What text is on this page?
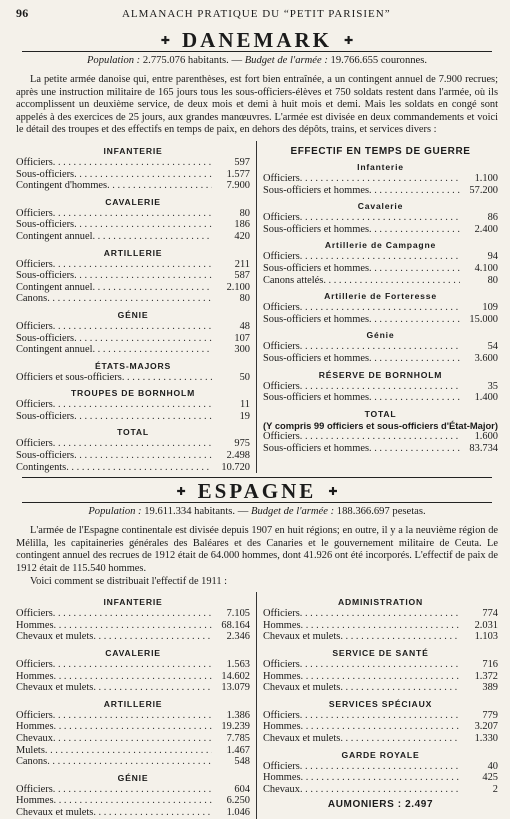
96	ALMANACH PRATIQUE DU “PETIT PARISIEN”
✚ DANEMARK ✚
Population : 2.775.076 habitants. — Budget de l'armée : 19.766.655 couronnes.
La petite armée danoise qui, entre parenthèses, est fort bien entraînée, a un contingent annuel de 7.900 recrues; après une instruction militaire de 165 jours tous les sous-officiers-élèves et 750 soldats restent dans l'armée, où ils accomplissent un deuxième service, de deux mois et demi à huit mois et demi. Mais les soldats en congé sont appelés à des exercices de 25 jours, aux grandes manœuvres. L'armée est divisée en deux commandements et voici le détail des troupes et des effectifs en temps de paix, en dehors des dépôts, trains, et services divers :
INFANTERIE
Officiers . . .	597
Sous-officiers . . .	1.577
Contingent d'hommes . . .	7.900
CAVALERIE
Officiers . . .	80
Sous-officiers . . .	186
Contingent annuel . . .	420
ARTILLERIE
Officiers . . .	211
Sous-officiers . . .	587
Contingent annuel . . .	2.100
Canons . . .	80
GÉNIE
Officiers . . .	48
Sous-officiers . . .	107
Contingent annuel . . .	300
ÉTATS-MAJORS
Officiers et sous-officiers . . .	50
TROUPES DE BORNHOLM
Officiers . . .	11
Sous-officiers . . .	19
TOTAL
Officiers . . .	975
Sous-officiers . . .	2.498
Contingents . . .	10.720
EFFECTIF EN TEMPS DE GUERRE
Infanterie
Officiers . . .	1.100
Sous-officiers et hommes . . .	57.200
Cavalerie
Officiers . . .	86
Sous-officiers et hommes . . .	2.400
Artillerie de Campagne
Officiers . . .	94
Sous-officiers et hommes . . .	4.100
Canons attelés . . .	80
Artillerie de Forteresse
Officiers . . .	109
Sous-officiers et hommes . . .	15.000
Génie
Officiers . . .	54
Sous-officiers et hommes . . .	3.600
RÉSERVE DE BORNHOLM
Officiers . . .	35
Sous-officiers et hommes . . .	1.400
TOTAL
(Y compris 99 officiers et sous-officiers d'État-Major)
Officiers . . .	1.600
Sous-officiers et hommes . . .	83.734
✚ ESPAGNE ✚
Population : 19.611.334 habitants. — Budget de l'armée : 188.366.697 pesetas.
L'armée de l'Espagne continentale est divisée depuis 1907 en huit régions; en outre, il y a la neuvième région de Mélilla, les capitaineries générales des Baléares et des Canaries et le gouvernement militaire de Ceuta. Le contingent annuel des recrues de 1912 était de 64.000 hommes, dont 41.926 ont été incorporés. L'effectif de paix de 1912 était de 115.540 hommes.
Voici comment se distribuait l'effectif de 1911 :
INFANTERIE
Officiers . . .	7.105
Hommes . . .	68.164
Chevaux et mulets . . .	2.346
CAVALERIE
Officiers . . .	1.563
Hommes . . .	14.602
Chevaux et mulets . . .	13.079
ARTILLERIE
Officiers . . .	1.386
Hommes . . .	19.239
Chevaux . . .	7.785
Mulets . . .	1.467
Canons . . .	548
GÉNIE
Officiers . . .	604
Hommes . . .	6.250
Chevaux et mulets . . .	1.046
ADMINISTRATION
Officiers . . .	774
Hommes . . .	2.031
Chevaux et mulets . . .	1.103
SERVICE DE SANTÉ
Officiers . . .	716
Hommes . . .	1.372
Chevaux et mulets . . .	389
SERVICES SPÉCIAUX
Officiers . . .	779
Hommes . . .	3.207
Chevaux et mulets . . .	1.330
GARDE ROYALE
Officiers . . .	40
Hommes . . .	425
Chevaux . . .	2
AUMONIERS : 2.497
